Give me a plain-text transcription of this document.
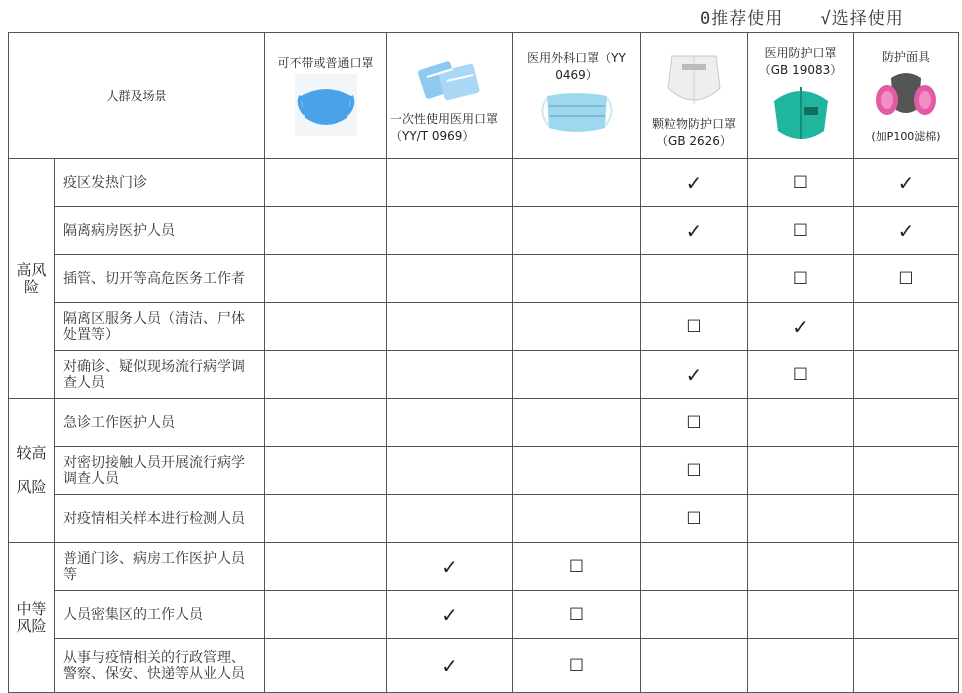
0推荐使用 √选择使用
人群及场景		可不带或普通口罩	一次性使用医用口罩（YY/T 0969）	医用外科口罩（YY 0469）	颗粒物防护口罩（GB 2626）	医用防护口罩（GB 19083）	防护面具
(加P100滤棉)

高风
险	疫区发热门诊				✓	☐	✓
	隔离病房医护人员				✓	☐	✓
	插管、切开等高危医务工作者					☐	☐
	隔离区服务人员（清洁、尸体处置等）				☐	✓	
	对确诊、疑似现场流行病学调查人员				✓	☐	
较高

风险	急诊工作医护人员				☐		
	对密切接触人员开展流行病学调查人员				☐		
	对疫情相关样本进行检测人员				☐		
中等
风险	普通门诊、病房工作医护人员等		✓	☐			
	人员密集区的工作人员		✓	☐			
	从事与疫情相关的行政管理、警察、保安、快递等从业人员		✓	☐			
